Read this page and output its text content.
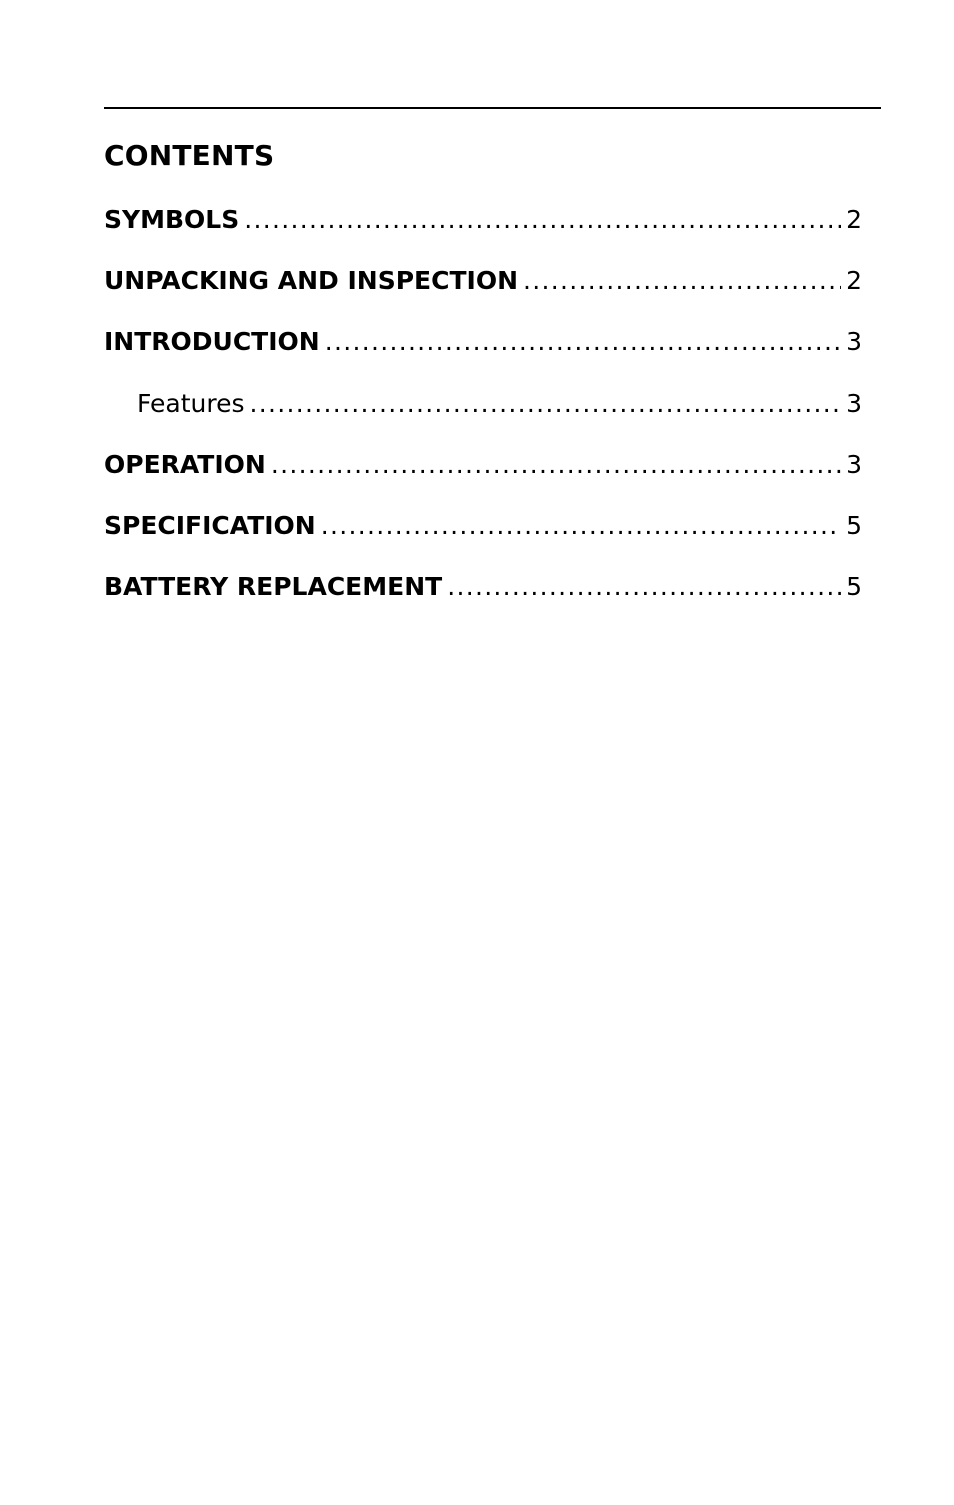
CONTENTS
SYMBOLS .....	2
UNPACKING AND INSPECTION .....	2
INTRODUCTION .....	3
Features .....	3
OPERATION .....	3
SPECIFICATION .....	5
BATTERY REPLACEMENT .....	5
